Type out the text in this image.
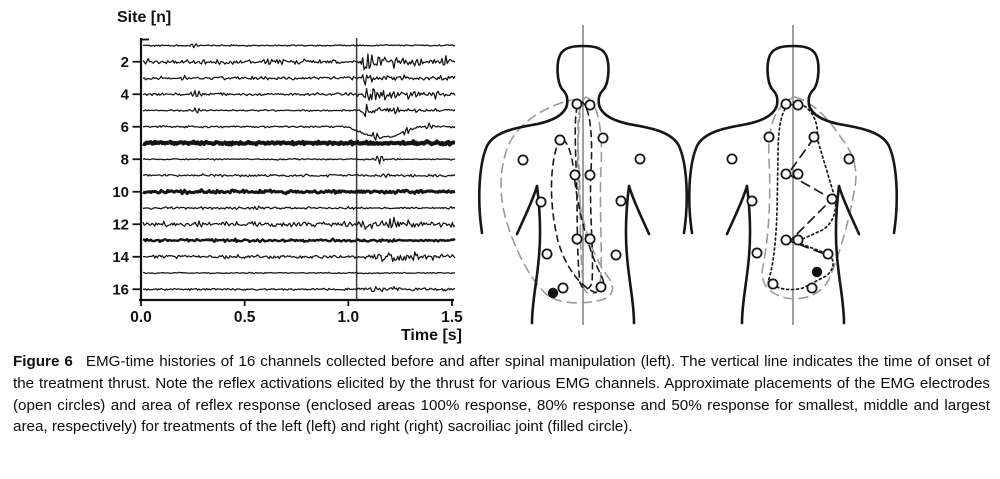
Site [n]
2
4
6
8
10
12
14
16
0.0	0.5	1.0	1.5
Time [s]

Figure 6 EMG-time histories of 16 channels collected before and after spinal manipulation (left). The vertical line indicates the time of onset of the treatment thrust. Note the reflex activations elicited by the thrust for various EMG channels. Approximate placements of the EMG electrodes (open circles) and area of reflex response (enclosed areas 100% response, 80% response and 50% response for smallest, middle and largest area, respectively) for treatments of the left (left) and right (right) sacroiliac joint (filled circle).
